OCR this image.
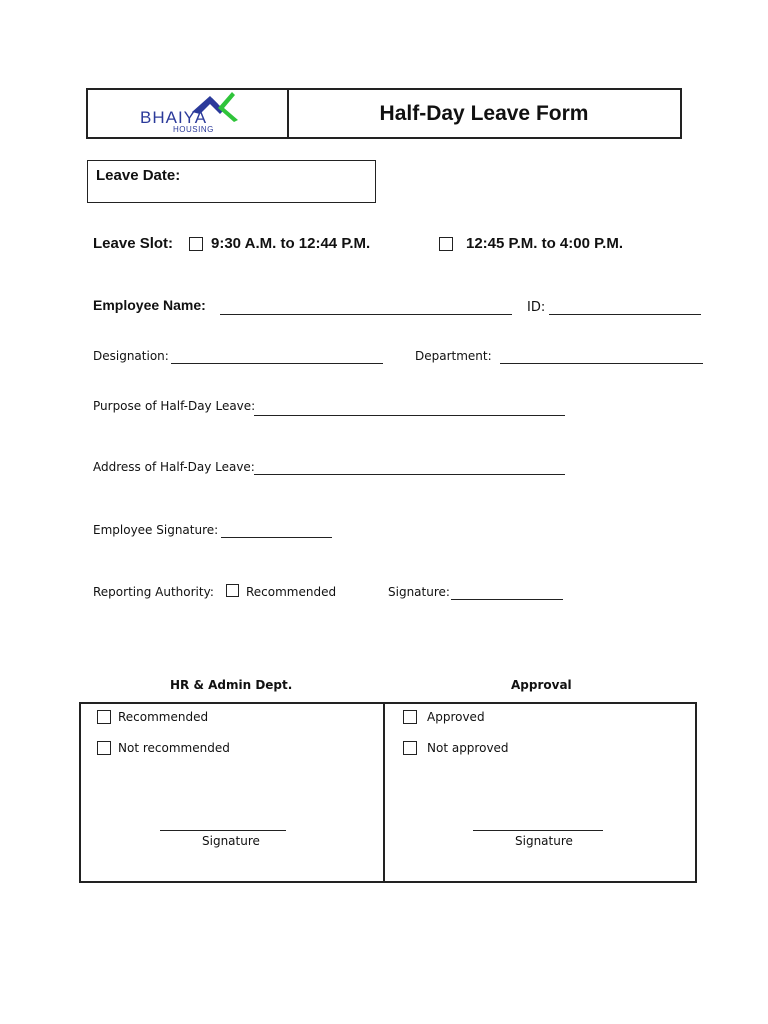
BHAIYA
HOUSING
Half-Day Leave Form
Leave Date:
Leave Slot:	9:30 A.M. to 12:44 P.M.	12:45 P.M. to 4:00 P.M.
Employee Name:	ID:
Designation:	Department:
Purpose of Half-Day Leave:
Address of Half-Day Leave:
Employee Signature:
Reporting Authority:	Recommended	Signature:
HR & Admin Dept.	Approval
Recommended
Not recommended
Signature
Approved
Not approved
Signature
